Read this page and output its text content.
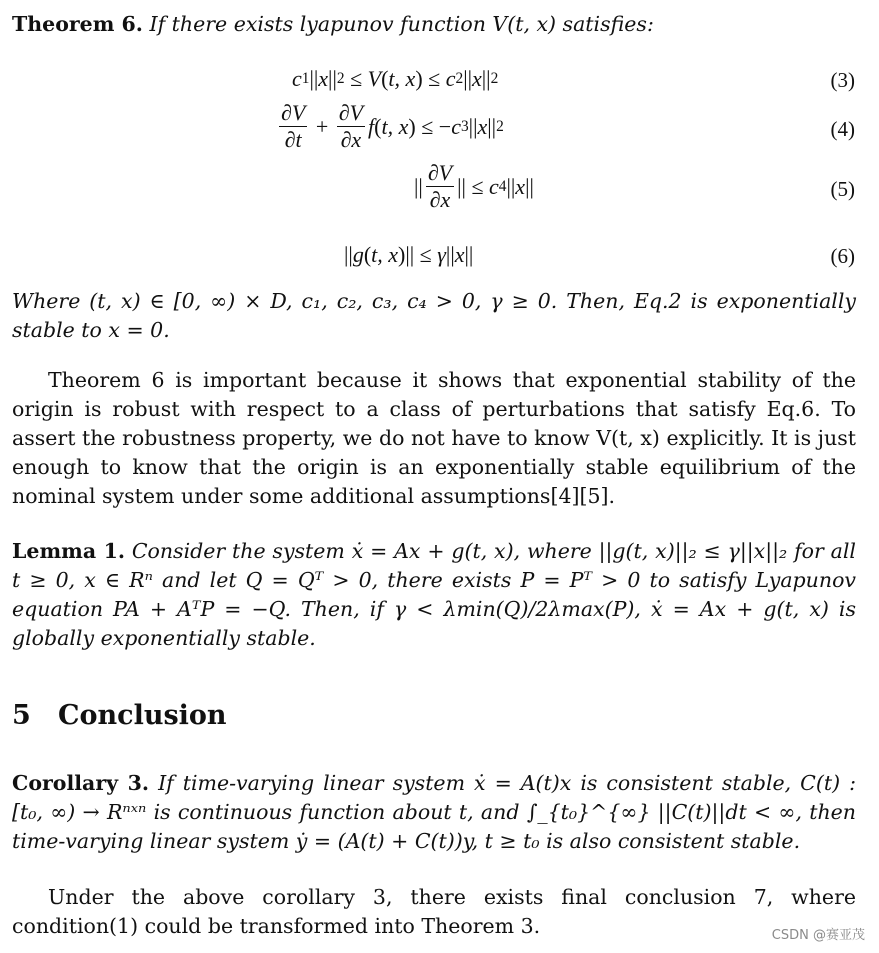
Theorem 6. If there exists lyapunov function V(t, x) satisfies:

c 1 || x || 2
≤ V ( t, x )
≤ c 2 || x || 2	(3)
$\frac{\partial V}{\partial t} + \frac{\partial V}{\partial x}$ f ( t, x )
≤ − c 3 || x || 2	(4)
|| $\frac{\partial V}{\partial x}$ ||
≤ c 4 || x ||	(5)
|| g ( t, x )||
≤ γ || x ||	(6)

Where (t, x) ∈ [0, ∞) × D, c₁, c₂, c₃, c₄ > 0, γ ≥ 0. Then, Eq.2 is exponentially stable to x = 0.

Theorem 6 is important because it shows that exponential stability of the origin is robust with respect to a class of perturbations that satisfy Eq.6. To assert the robustness property, we do not have to know V(t, x) explicitly. It is just enough to know that the origin is an exponentially stable equilibrium of the nominal system under some additional assumptions[4][5].

Lemma 1. Consider the system ẋ = Ax + g(t, x), where ||g(t, x)||₂ ≤ γ||x||₂ for all t ≥ 0, x ∈ Rⁿ and let Q = Qᵀ > 0, there exists P = Pᵀ > 0 to satisfy Lyapunov equation PA + AᵀP = −Q. Then, if γ < λmin(Q)/2λmax(P), ẋ = Ax + g(t, x) is globally exponentially stable.

5 Conclusion

Corollary 3. If time-varying linear system ẋ = A(t)x is consistent stable, C(t) : [t₀, ∞) → Rⁿˣⁿ is continuous function about t, and ∫_{t₀}^{∞} ||C(t)||dt < ∞, then time-varying linear system ẏ = (A(t) + C(t))y, t ≥ t₀ is also consistent stable.

Under the above corollary 3, there exists final conclusion 7, where condition(1) could be transformed into Theorem 3.	CSDN @赛亚茂
